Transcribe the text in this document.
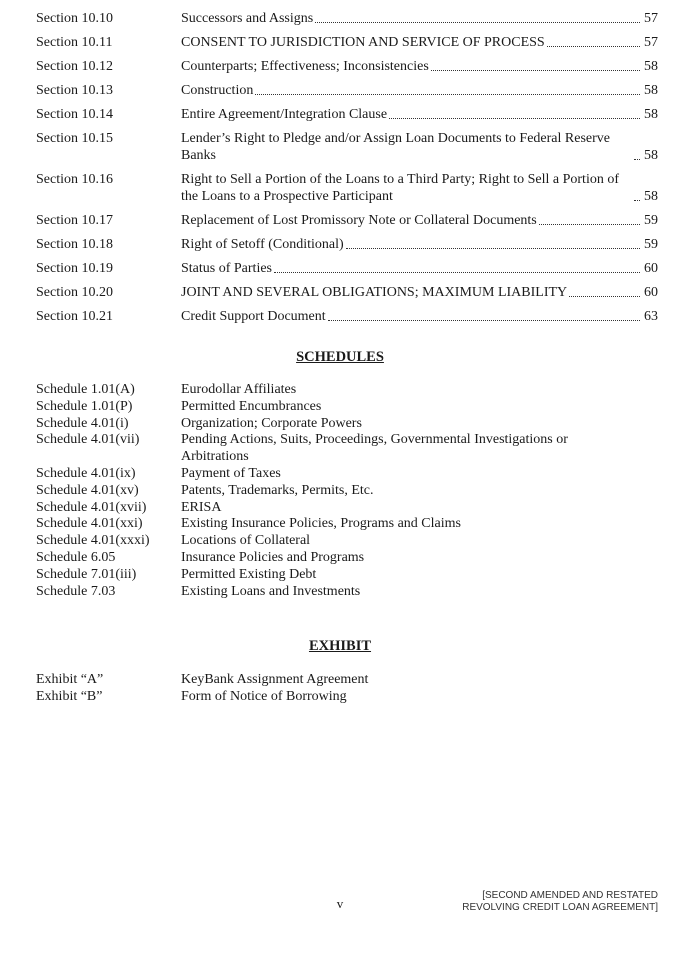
Section 10.10	Successors and Assigns	57
Section 10.11	CONSENT TO JURISDICTION AND SERVICE OF PROCESS	57
Section 10.12	Counterparts; Effectiveness; Inconsistencies	58
Section 10.13	Construction	58
Section 10.14	Entire Agreement/Integration Clause	58
Section 10.15	Lender’s Right to Pledge and/or Assign Loan Documents to Federal Reserve Banks	58
Section 10.16	Right to Sell a Portion of the Loans to a Third Party; Right to Sell a Portion of the Loans to a Prospective Participant	58
Section 10.17	Replacement of Lost Promissory Note or Collateral Documents	59
Section 10.18	Right of Setoff (Conditional)	59
Section 10.19	Status of Parties	60
Section 10.20	JOINT AND SEVERAL OBLIGATIONS; MAXIMUM LIABILITY	60
Section 10.21	Credit Support Document	63
SCHEDULES
Schedule 1.01(A)	Eurodollar Affiliates
Schedule 1.01(P)	Permitted Encumbrances
Schedule 4.01(i)	Organization; Corporate Powers
Schedule 4.01(vii)	Pending Actions, Suits, Proceedings, Governmental Investigations or Arbitrations
Schedule 4.01(ix)	Payment of Taxes
Schedule 4.01(xv)	Patents, Trademarks, Permits, Etc.
Schedule 4.01(xvii)	ERISA
Schedule 4.01(xxi)	Existing Insurance Policies, Programs and Claims
Schedule 4.01(xxxi)	Locations of Collateral
Schedule 6.05	Insurance Policies and Programs
Schedule 7.01(iii)	Permitted Existing Debt
Schedule 7.03	Existing Loans and Investments
EXHIBIT
Exhibit “A”	KeyBank Assignment Agreement
Exhibit “B”	Form of Notice of Borrowing
v
[SECOND AMENDED AND RESTATED
REVOLVING CREDIT LOAN AGREEMENT]
